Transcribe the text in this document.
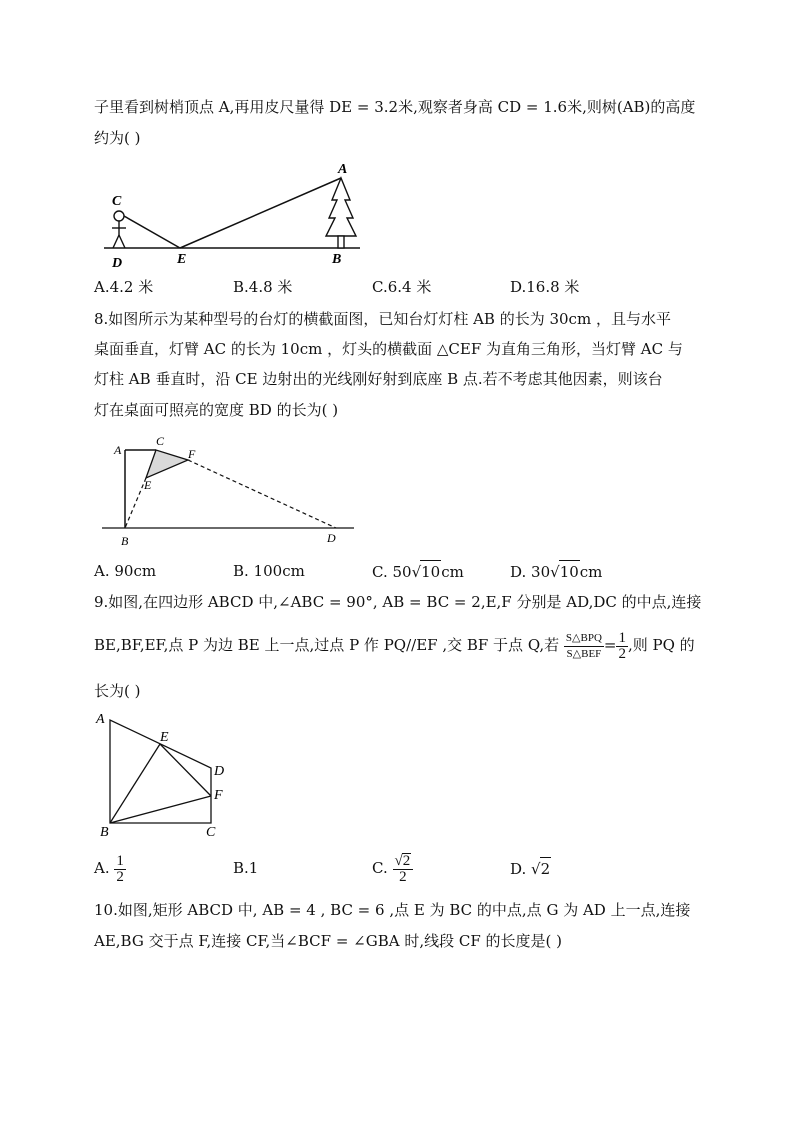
子里看到树梢顶点 A,再用皮尺量得 DE = 3.2米,观察者身高 CD = 1.6米,则树(AB)的高度
约为( )
C
D	E	B
A
A.4.2 米	B.4.8 米	C.6.4 米	D.16.8 米
8.如图所示为某种型号的台灯的横截面图，已知台灯灯柱 AB 的长为 30cm ，且与水平
桌面垂直，灯臂 AC 的长为 10cm ，灯头的横截面 △CEF 为直角三角形，当灯臂 AC 与
灯柱 AB 垂直时，沿 CE 边射出的光线刚好射到底座 B 点.若不考虑其他因素，则该台
灯在桌面可照亮的宽度 BD 的长为( )
A
C
F
E
B	D
A. 90cm	B. 100cm	C. 50√10cm	D. 30√10cm
9.如图,在四边形 ABCD 中,∠ABC = 90°, AB = BC = 2,E,F 分别是 AD,DC 的中点,连接
BE,BF,EF,点 P 为边 BE 上一点,过点 P 作 PQ//EF ,交 BF 于点 Q,若 $\frac{\text{S△BPQ}}{\text{S△BEF}} = \frac{1}{2}$ ,则 PQ 的
长为( )
A
E
D
F
B	C
A. $\frac{1}{2}$	B.1	C. $\frac{√2}{2}$	D. √2
10.如图,矩形 ABCD 中, AB = 4 , BC = 6 ,点 E 为 BC 的中点,点 G 为 AD 上一点,连接
AE,BG 交于点 F,连接 CF,当∠BCF = ∠GBA 时,线段 CF 的长度是( )
